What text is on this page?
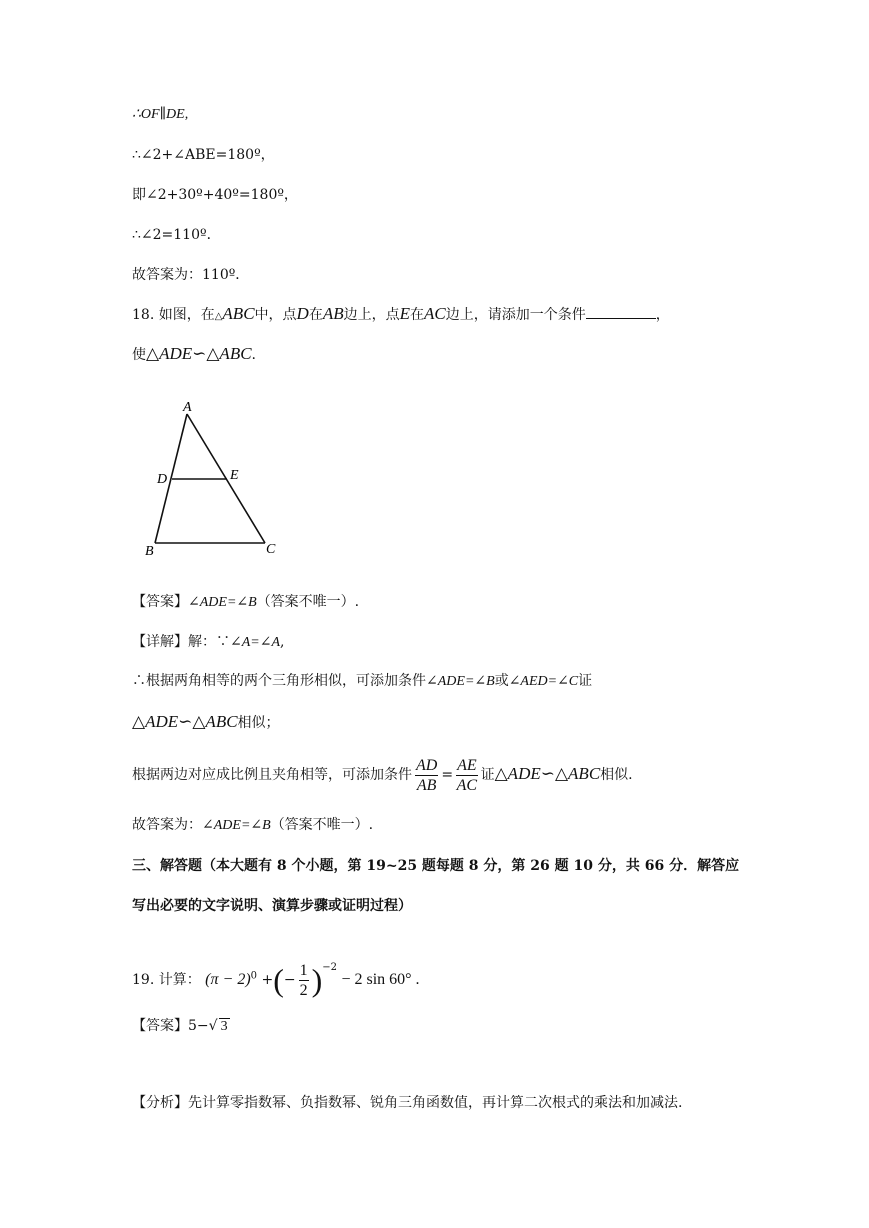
∴OF∥DE,
∴∠2+∠ABE=180º，
即∠2+30º+40º=180º，
∴∠2=110º．
故答案为：110º．
18. 如图，在△ABC中，点D在AB边上，点E在AC边上，请添加一个条件	，
使△ADE∽△ABC.
A
D	E
B	C
【答案】∠ADE=∠B（答案不唯一）.
【详解】解：∵∠A=∠A,
∴根据两角相等的两个三角形相似，可添加条件∠ADE=∠B或∠AED=∠C证
△ADE∽△ABC相似；
根据两边对应成比例且夹角相等，可添加条件 $\frac{AD}{AB} = \frac{AE}{AC}$ 证△ADE∽△ABC相似.
故答案为：∠ADE=∠B（答案不唯一）.
三、解答题（本大题有 8 个小题，第 19~25 题每题 8 分，第 26 题 10 分，共 66 分．解答应
写出必要的文字说明、演算步骤或证明过程）
19. 计算： $(\pi - 2)^0$ +(− $\frac{1}{2} )^{-2} - 2$ sin 60° .
【答案】5−√ 3
【分析】先计算零指数幂、负指数幂、锐角三角函数值，再计算二次根式的乘法和加减法.
